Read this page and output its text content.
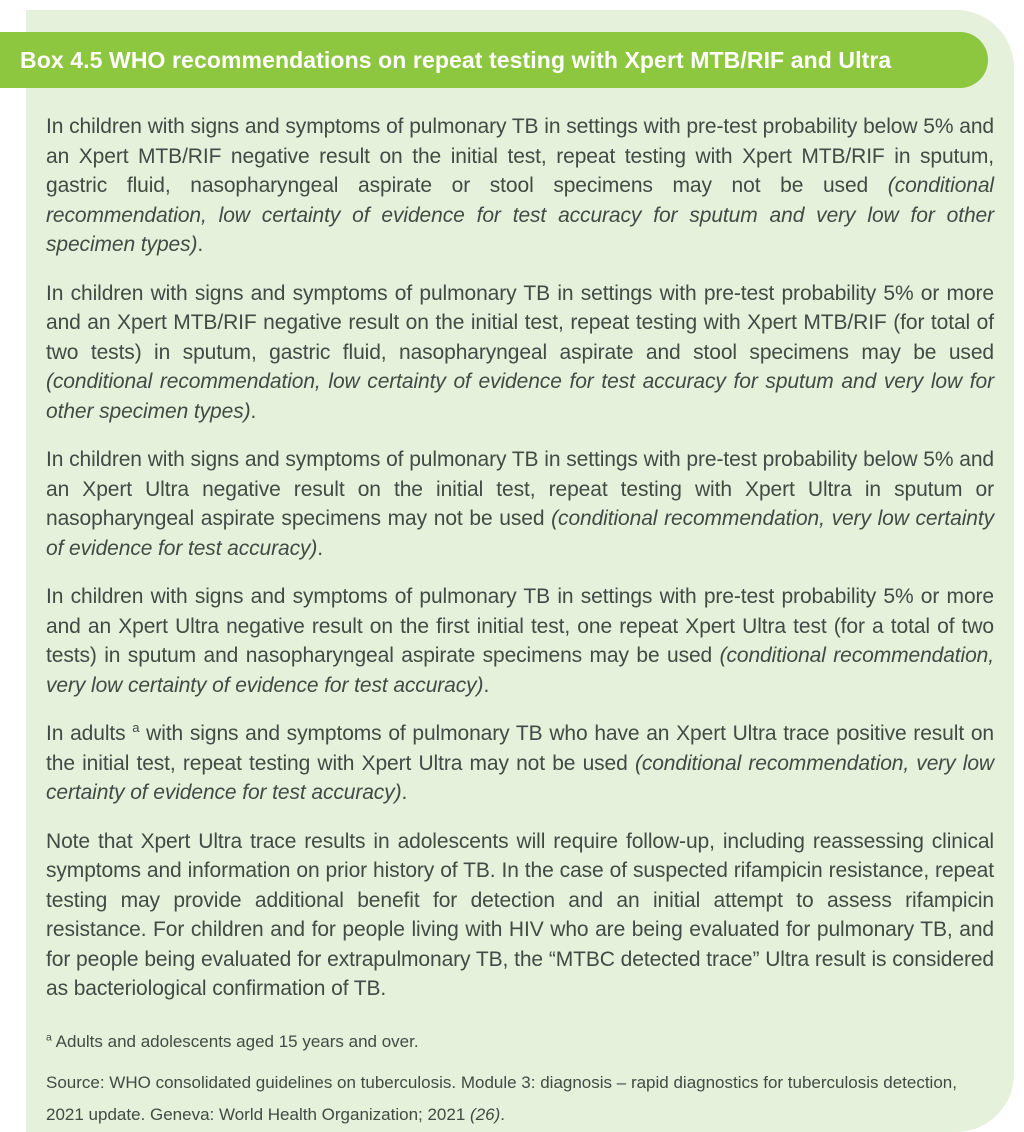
Box 4.5 WHO recommendations on repeat testing with Xpert MTB/RIF and Ultra
In children with signs and symptoms of pulmonary TB in settings with pre-test probability below 5% and an Xpert MTB/RIF negative result on the initial test, repeat testing with Xpert MTB/RIF in sputum, gastric fluid, nasopharyngeal aspirate or stool specimens may not be used (conditional recommendation, low certainty of evidence for test accuracy for sputum and very low for other specimen types).
In children with signs and symptoms of pulmonary TB in settings with pre-test probability 5% or more and an Xpert MTB/RIF negative result on the initial test, repeat testing with Xpert MTB/RIF (for total of two tests) in sputum, gastric fluid, nasopharyngeal aspirate and stool specimens may be used (conditional recommendation, low certainty of evidence for test accuracy for sputum and very low for other specimen types).
In children with signs and symptoms of pulmonary TB in settings with pre-test probability below 5% and an Xpert Ultra negative result on the initial test, repeat testing with Xpert Ultra in sputum or nasopharyngeal aspirate specimens may not be used (conditional recommendation, very low certainty of evidence for test accuracy).
In children with signs and symptoms of pulmonary TB in settings with pre-test probability 5% or more and an Xpert Ultra negative result on the first initial test, one repeat Xpert Ultra test (for a total of two tests) in sputum and nasopharyngeal aspirate specimens may be used (conditional recommendation, very low certainty of evidence for test accuracy).
In adults $^a$ with signs and symptoms of pulmonary TB who have an Xpert Ultra trace positive result on the initial test, repeat testing with Xpert Ultra may not be used (conditional recommendation, very low certainty of evidence for test accuracy).
Note that Xpert Ultra trace results in adolescents will require follow-up, including reassessing clinical symptoms and information on prior history of TB. In the case of suspected rifampicin resistance, repeat testing may provide additional benefit for detection and an initial attempt to assess rifampicin resistance. For children and for people living with HIV who are being evaluated for pulmonary TB, and for people being evaluated for extrapulmonary TB, the “MTBC detected trace” Ultra result is considered as bacteriological confirmation of TB.
$^a$ Adults and adolescents aged 15 years and over.
Source: WHO consolidated guidelines on tuberculosis. Module 3: diagnosis – rapid diagnostics for tuberculosis detection, 2021 update. Geneva: World Health Organization; 2021 (26).
